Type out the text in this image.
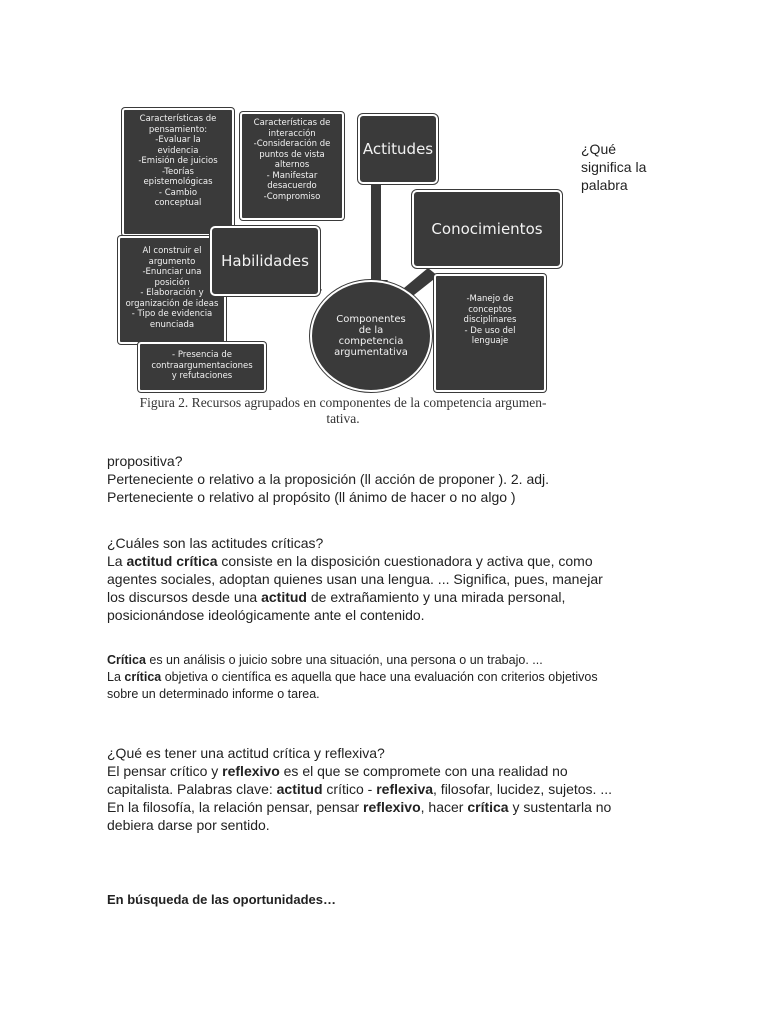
Características de
pensamiento:
-Evaluar la
evidencia
-Emisión de juicios
-Teorías
epistemológicas
- Cambio
conceptual
Características de
interacción
-Consideración de
puntos de vista
alternos
- Manifestar
desacuerdo
-Compromiso
Actitudes
Conocimientos
Al construir el
argumento
-Enunciar una
posición
- Elaboración y
organización de ideas
- Tipo de evidencia
enunciada
Habilidades
- Presencia de
contraargumentaciones
y refutaciones
Componentes
de la
competencia
argumentativa
-Manejo de
conceptos
disciplinares
- De uso del
lenguaje
Figura 2. Recursos agrupados en componentes de la competencia argumen-
tativa.
¿Qué
significa la
palabra
propositiva?
Perteneciente o relativo a la proposición (ll acción de proponer ). 2. adj.
Perteneciente o relativo al propósito (ll ánimo de hacer o no algo )
¿Cuáles son las actitudes críticas?
La actitud crítica consiste en la disposición cuestionadora y activa que, como
agentes sociales, adoptan quienes usan una lengua. ... Significa, pues, manejar
los discursos desde una actitud de extrañamiento y una mirada personal,
posicionándose ideológicamente ante el contenido.
Crítica es un análisis o juicio sobre una situación, una persona o un trabajo. ...
La crítica objetiva o científica es aquella que hace una evaluación con criterios objetivos
sobre un determinado informe o tarea.
¿Qué es tener una actitud crítica y reflexiva?
El pensar crítico y reflexivo es el que se compromete con una realidad no
capitalista. Palabras clave: actitud crítico - reflexiva, filosofar, lucidez, sujetos. ...
En la filosofía, la relación pensar, pensar reflexivo, hacer crítica y sustentarla no
debiera darse por sentido.
En búsqueda de las oportunidades…
